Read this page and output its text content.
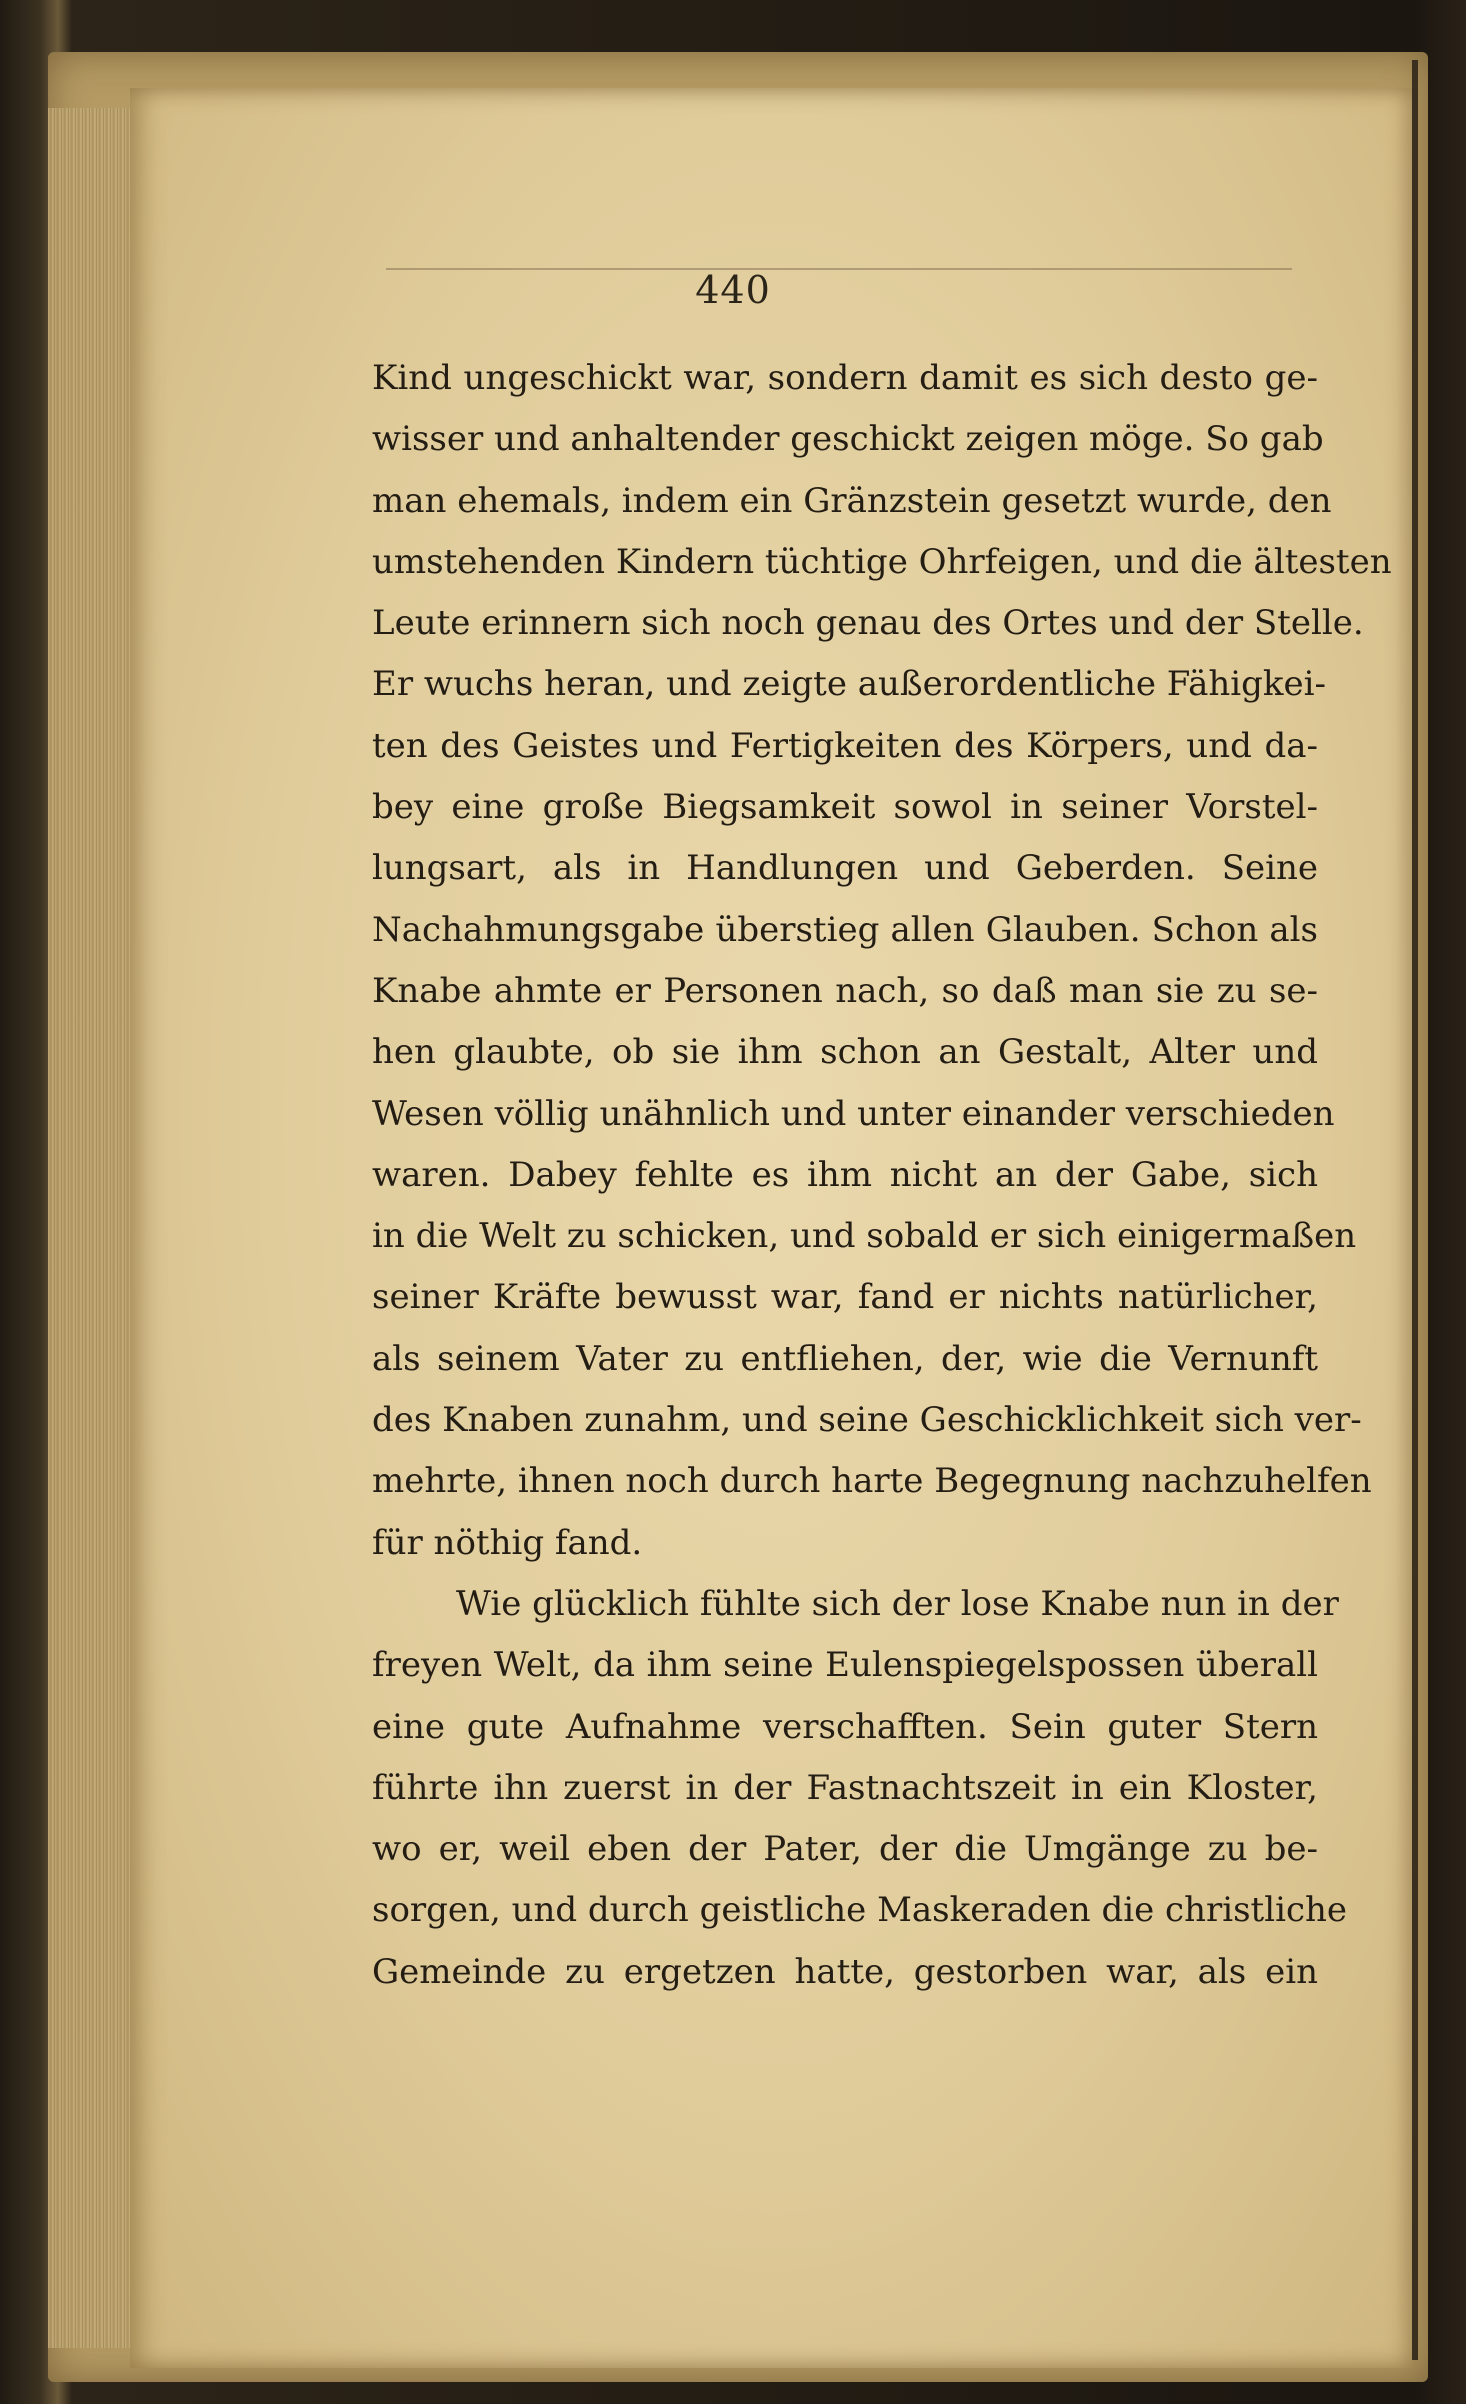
440
Kind ungeschickt war, sondern damit es sich desto ge-
wisser und anhaltender geschickt zeigen möge. So gab
man ehemals, indem ein Gränzstein gesetzt wurde, den
umstehenden Kindern tüchtige Ohrfeigen, und die ältesten
Leute erinnern sich noch genau des Ortes und der Stelle.
Er wuchs heran, und zeigte außerordentliche Fähigkei-
ten des Geistes und Fertigkeiten des Körpers, und da-
bey eine große Biegsamkeit sowol in seiner Vorstel-
lungsart, als in Handlungen und Geberden. Seine
Nachahmungsgabe überstieg allen Glauben. Schon als
Knabe ahmte er Personen nach, so daß man sie zu se-
hen glaubte, ob sie ihm schon an Gestalt, Alter und
Wesen völlig unähnlich und unter einander verschieden
waren. Dabey fehlte es ihm nicht an der Gabe, sich
in die Welt zu schicken, und sobald er sich einigermaßen
seiner Kräfte bewusst war, fand er nichts natürlicher,
als seinem Vater zu entfliehen, der, wie die Vernunft
des Knaben zunahm, und seine Geschicklichkeit sich ver-
mehrte, ihnen noch durch harte Begegnung nachzuhelfen
für nöthig fand.
Wie glücklich fühlte sich der lose Knabe nun in der
freyen Welt, da ihm seine Eulenspiegelspossen überall
eine gute Aufnahme verschafften. Sein guter Stern
führte ihn zuerst in der Fastnachtszeit in ein Kloster,
wo er, weil eben der Pater, der die Umgänge zu be-
sorgen, und durch geistliche Maskeraden die christliche
Gemeinde zu ergetzen hatte, gestorben war, als ein
